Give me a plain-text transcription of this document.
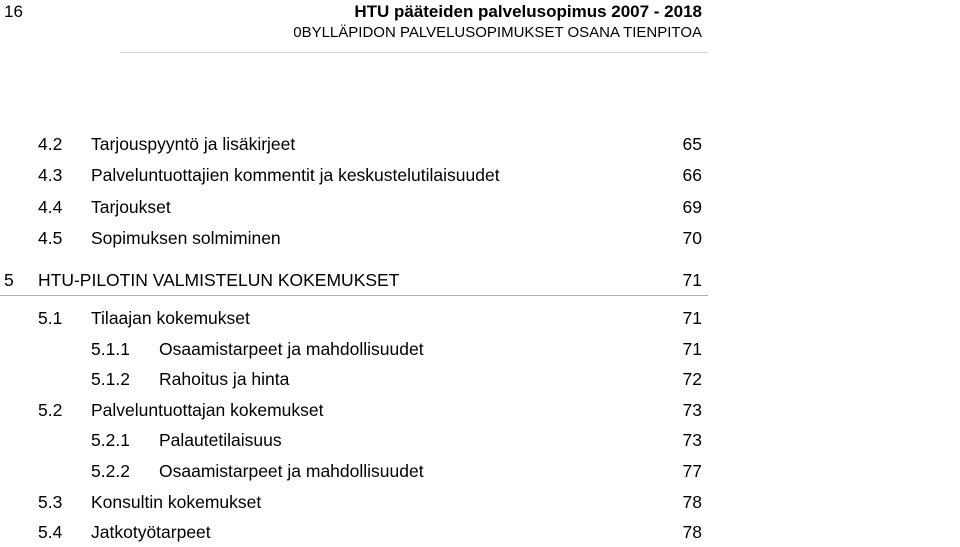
16	HTU pääteiden palvelusopimus 2007 - 2018
0BYLLÄPIDON PALVELUSOPIMUKSET OSANA TIENPITOA
4.2 Tarjouspyyntö ja lisäkirjeet	65
4.3 Palveluntuottajien kommentit ja keskustelutilaisuudet	66
4.4 Tarjoukset	69
4.5 Sopimuksen solmiminen	70
5 HTU-PILOTIN VALMISTELUN KOKEMUKSET	71
5.1 Tilaajan kokemukset	71
5.1.1 Osaamistarpeet ja mahdollisuudet	71
5.1.2 Rahoitus ja hinta	72
5.2 Palveluntuottajan kokemukset	73
5.2.1 Palautetilaisuus	73
5.2.2 Osaamistarpeet ja mahdollisuudet	77
5.3 Konsultin kokemukset	78
5.4 Jatkotyötarpeet	78
